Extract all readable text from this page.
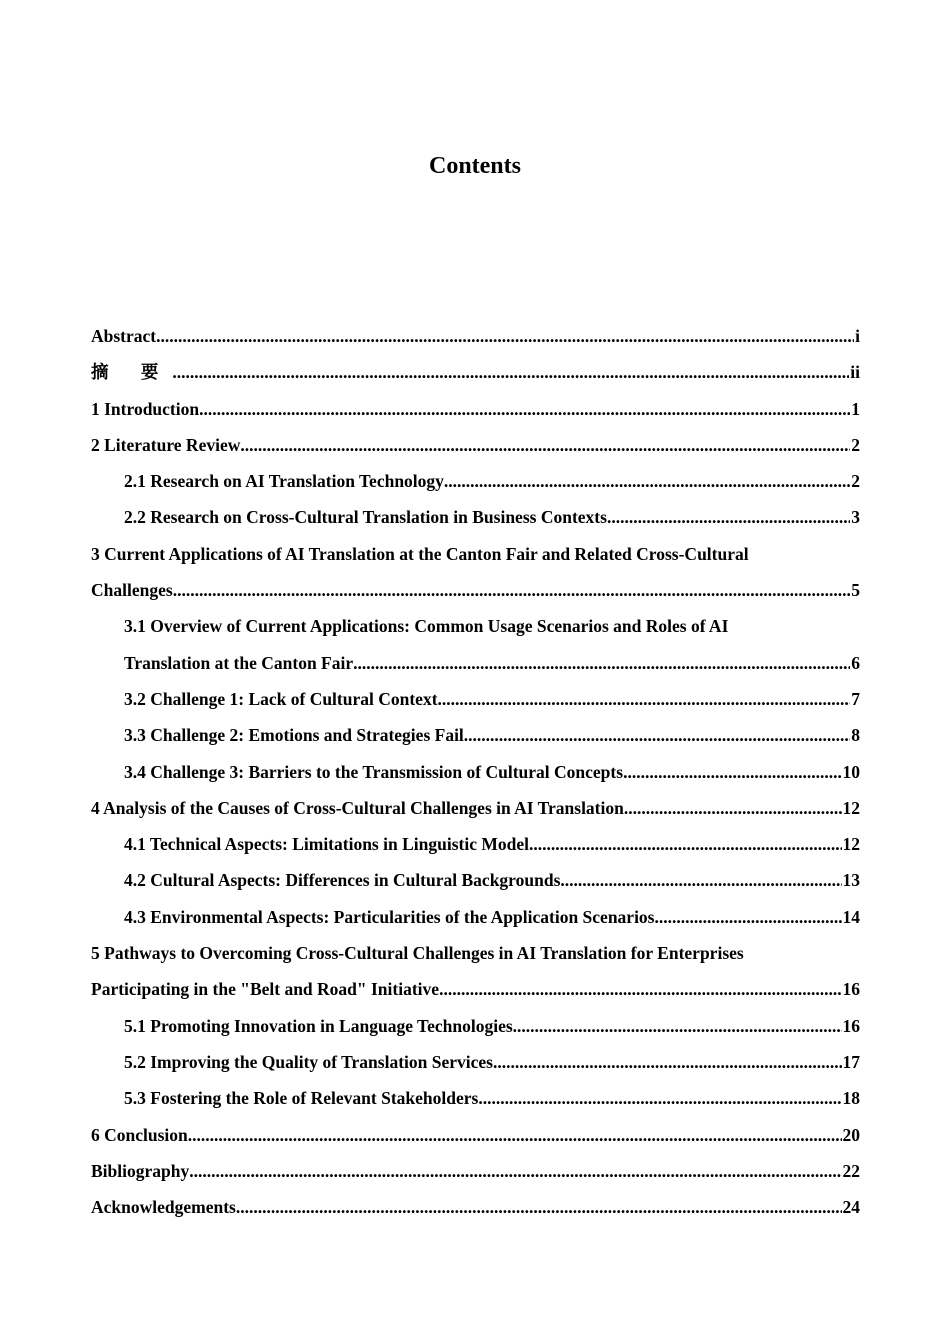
Contents
Abstract .....	i
摘 要 .....	ii
1 Introduction .....	1
2 Literature Review .....	2
2.1 Research on AI Translation Technology .....	2
2.2 Research on Cross-Cultural Translation in Business Contexts .....	3
3 Current Applications of AI Translation at the Canton Fair and Related Cross-Cultural
Challenges .....	5
3.1 Overview of Current Applications: Common Usage Scenarios and Roles of AI
Translation at the Canton Fair .....	6
3.2 Challenge 1: Lack of Cultural Context .....	7
3.3 Challenge 2: Emotions and Strategies Fail .....	8
3.4 Challenge 3: Barriers to the Transmission of Cultural Concepts .....	10
4 Analysis of the Causes of Cross-Cultural Challenges in AI Translation .....	12
4.1 Technical Aspects: Limitations in Linguistic Model .....	12
4.2 Cultural Aspects: Differences in Cultural Backgrounds .....	13
4.3 Environmental Aspects: Particularities of the Application Scenarios .....	14
5 Pathways to Overcoming Cross-Cultural Challenges in AI Translation for Enterprises
Participating in the "Belt and Road" Initiative .....	16
5.1 Promoting Innovation in Language Technologies .....	16
5.2 Improving the Quality of Translation Services .....	17
5.3 Fostering the Role of Relevant Stakeholders .....	18
6 Conclusion .....	20
Bibliography .....	22
Acknowledgements .....	24
